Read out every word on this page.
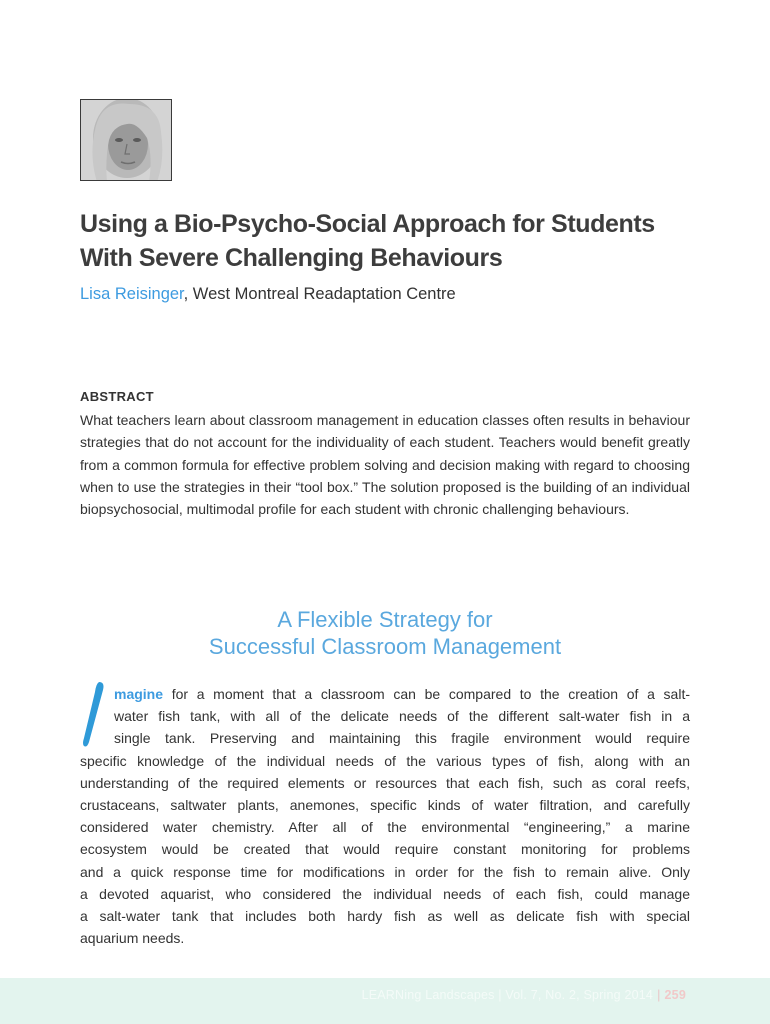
Using a Bio-Psycho-Social Approach for Students
With Severe Challenging Behaviours
Lisa Reisinger, West Montreal Readaptation Centre
ABSTRACT

What teachers learn about classroom management in education classes often results in behaviour strategies that do not account for the individuality of each student. Teachers would benefit greatly from a common formula for effective problem solving and decision making with regard to choosing when to use the strategies in their “tool box.” The solution proposed is the building of an individual biopsychosocial, multimodal profile for each student with chronic challenging behaviours.

A Flexible Strategy for
Successful Classroom Management
magine for a moment that a classroom can be compared to the creation of a salt-
water fish tank, with all of the delicate needs of the different salt-water fish in a
single tank. Preserving and maintaining this fragile environment would require
specific knowledge of the individual needs of the various types of fish, along with an
understanding of the required elements or resources that each fish, such as coral reefs,
crustaceans, saltwater plants, anemones, specific kinds of water filtration, and carefully
considered water chemistry. After all of the environmental “engineering,” a marine
ecosystem would be created that would require constant monitoring for problems
and a quick response time for modifications in order for the fish to remain alive. Only
a devoted aquarist, who considered the individual needs of each fish, could manage
a salt-water tank that includes both hardy fish as well as delicate fish with special
aquarium needs.
LEARNing Landscapes | Vol. 7, No. 2, Spring 2014 | 259
